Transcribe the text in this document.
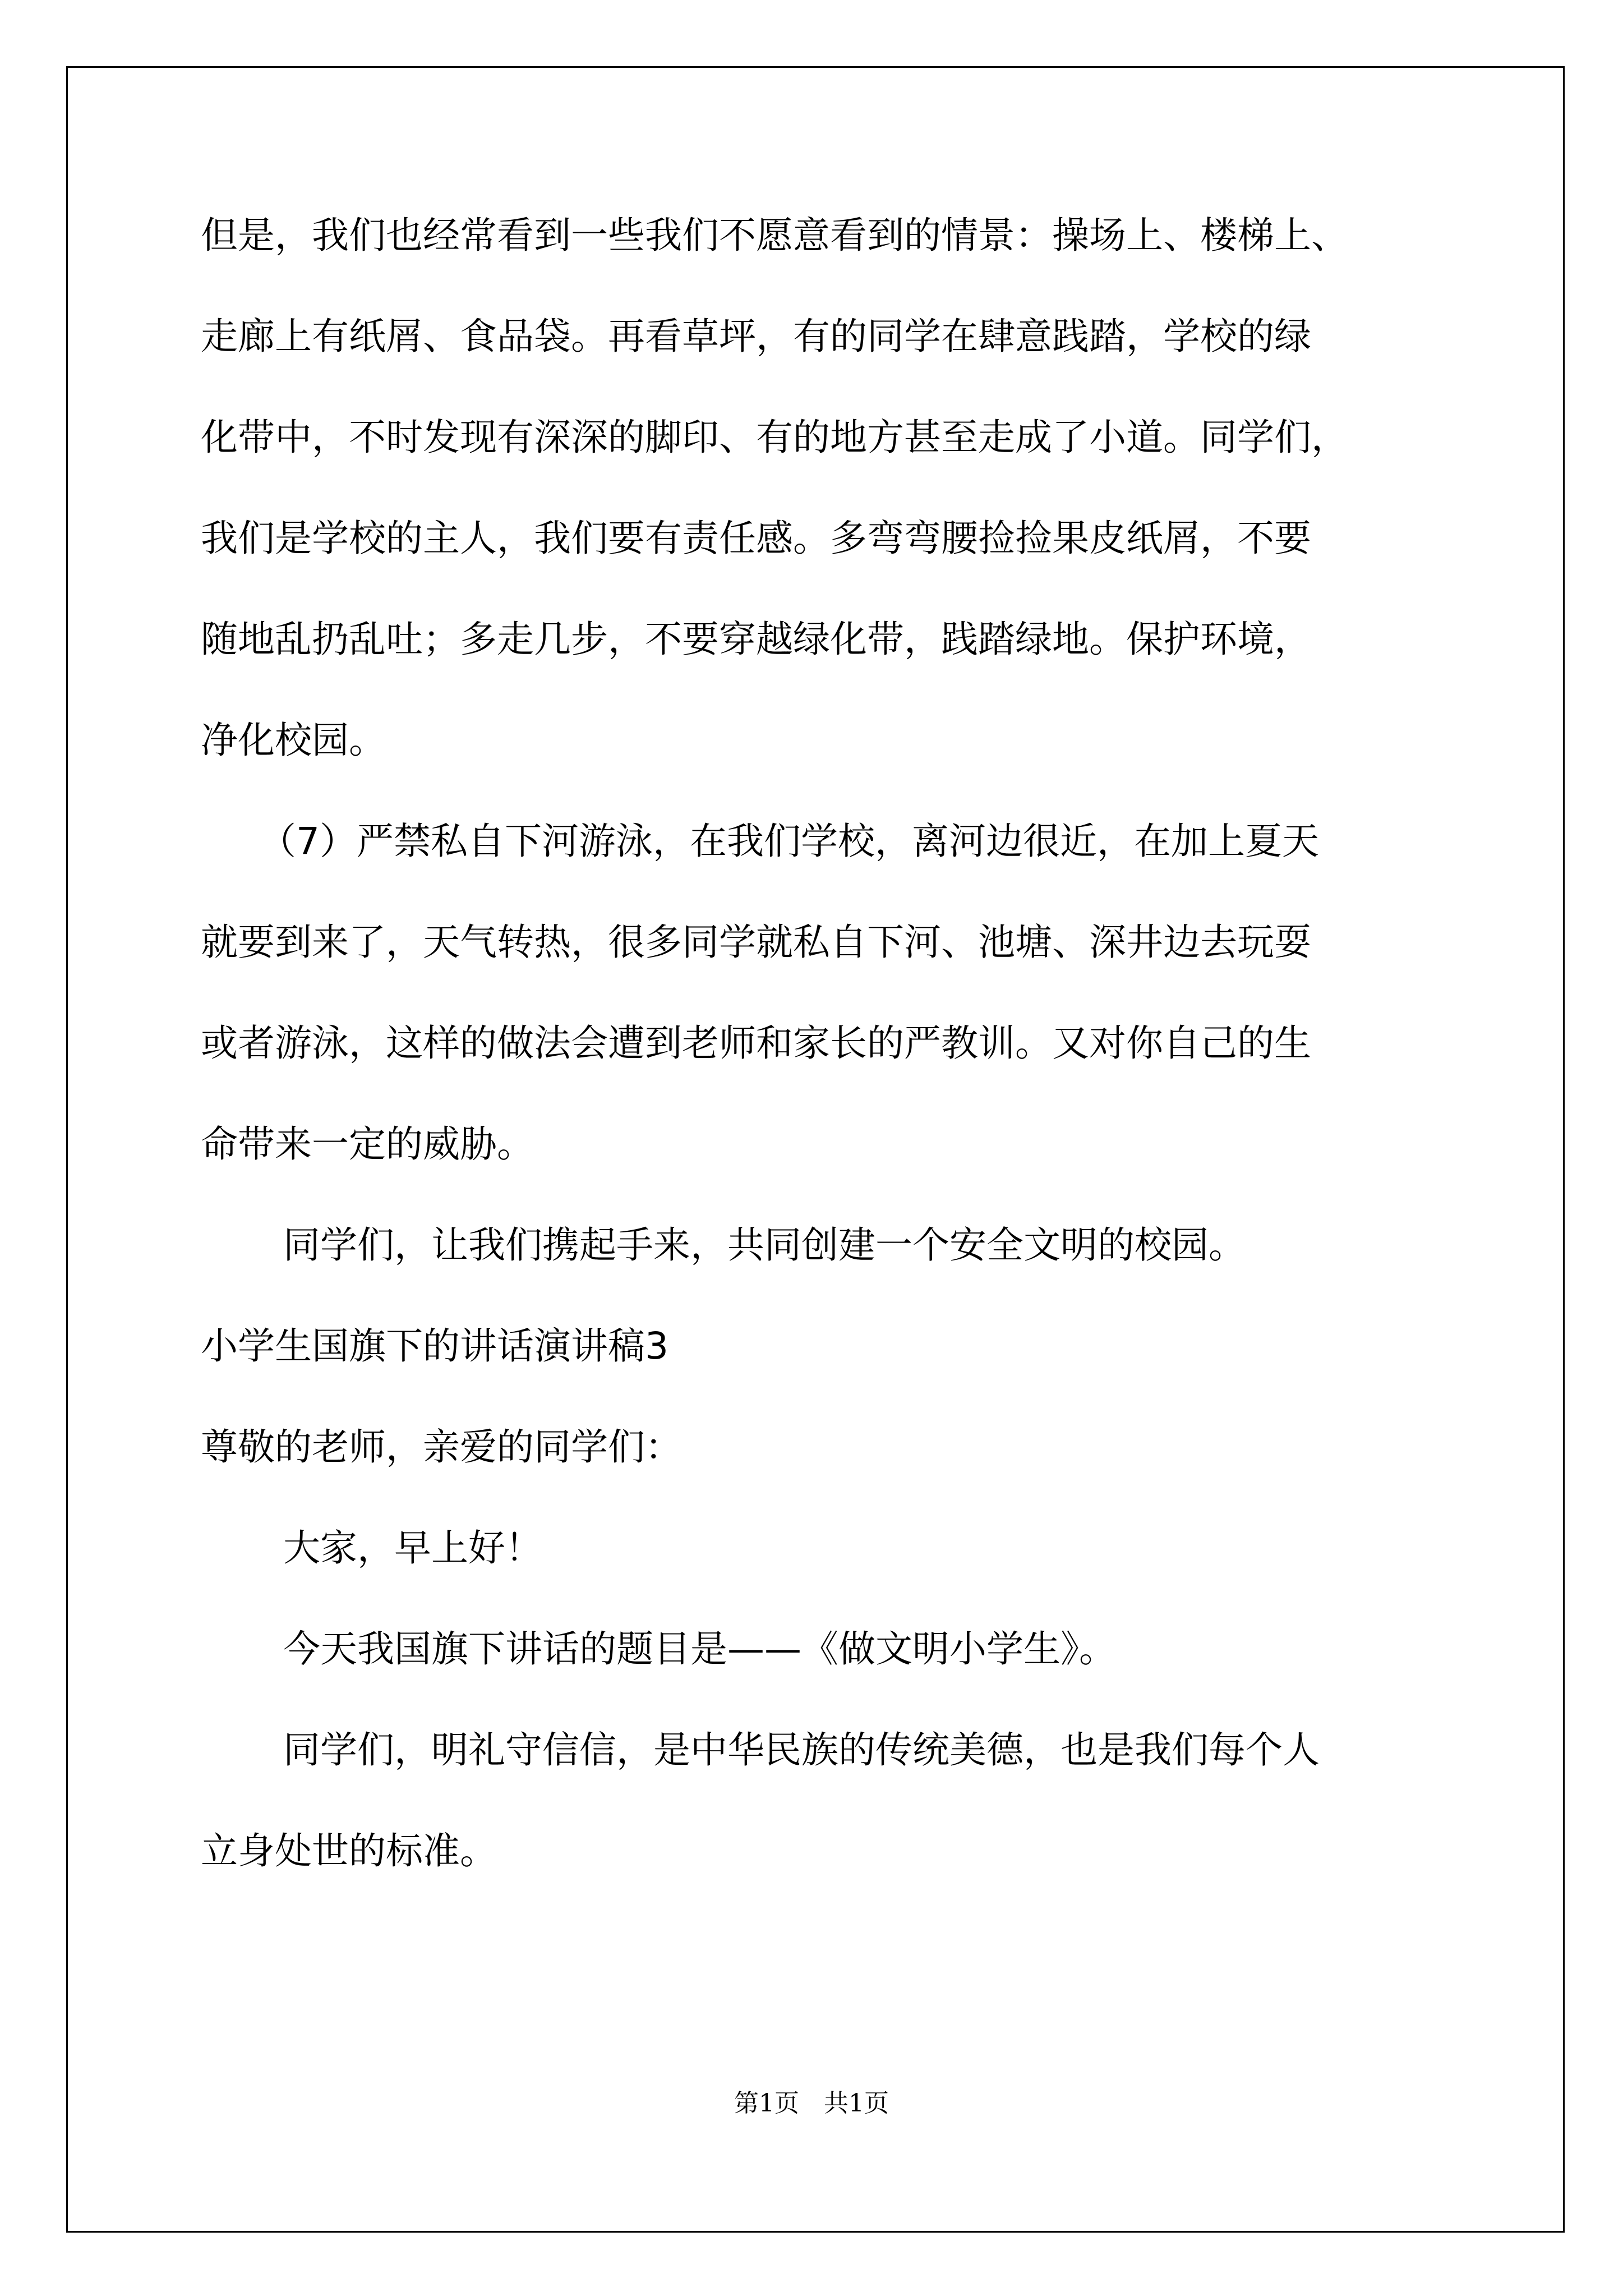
但是，我们也经常看到一些我们不愿意看到的情景：操场上、楼梯上、
走廊上有纸屑、食品袋。再看草坪，有的同学在肆意践踏，学校的绿
化带中，不时发现有深深的脚印、有的地方甚至走成了小道。同学们，
我们是学校的主人，我们要有责任感。多弯弯腰捡捡果皮纸屑，不要
随地乱扔乱吐；多走几步，不要穿越绿化带，践踏绿地。保护环境，
净化校园。
（7）严禁私自下河游泳，在我们学校，离河边很近，在加上夏天
就要到来了，天气转热，很多同学就私自下河、池塘、深井边去玩耍
或者游泳，这样的做法会遭到老师和家长的严教训。又对你自己的生
命带来一定的威胁。
同学们，让我们携起手来，共同创建一个安全文明的校园。
小学生国旗下的讲话演讲稿3
尊敬的老师，亲爱的同学们：
大家，早上好！
今天我国旗下讲话的题目是——《做文明小学生》。
同学们，明礼守信信，是中华民族的传统美德，也是我们每个人
立身处世的标准。
第1页　共1页
